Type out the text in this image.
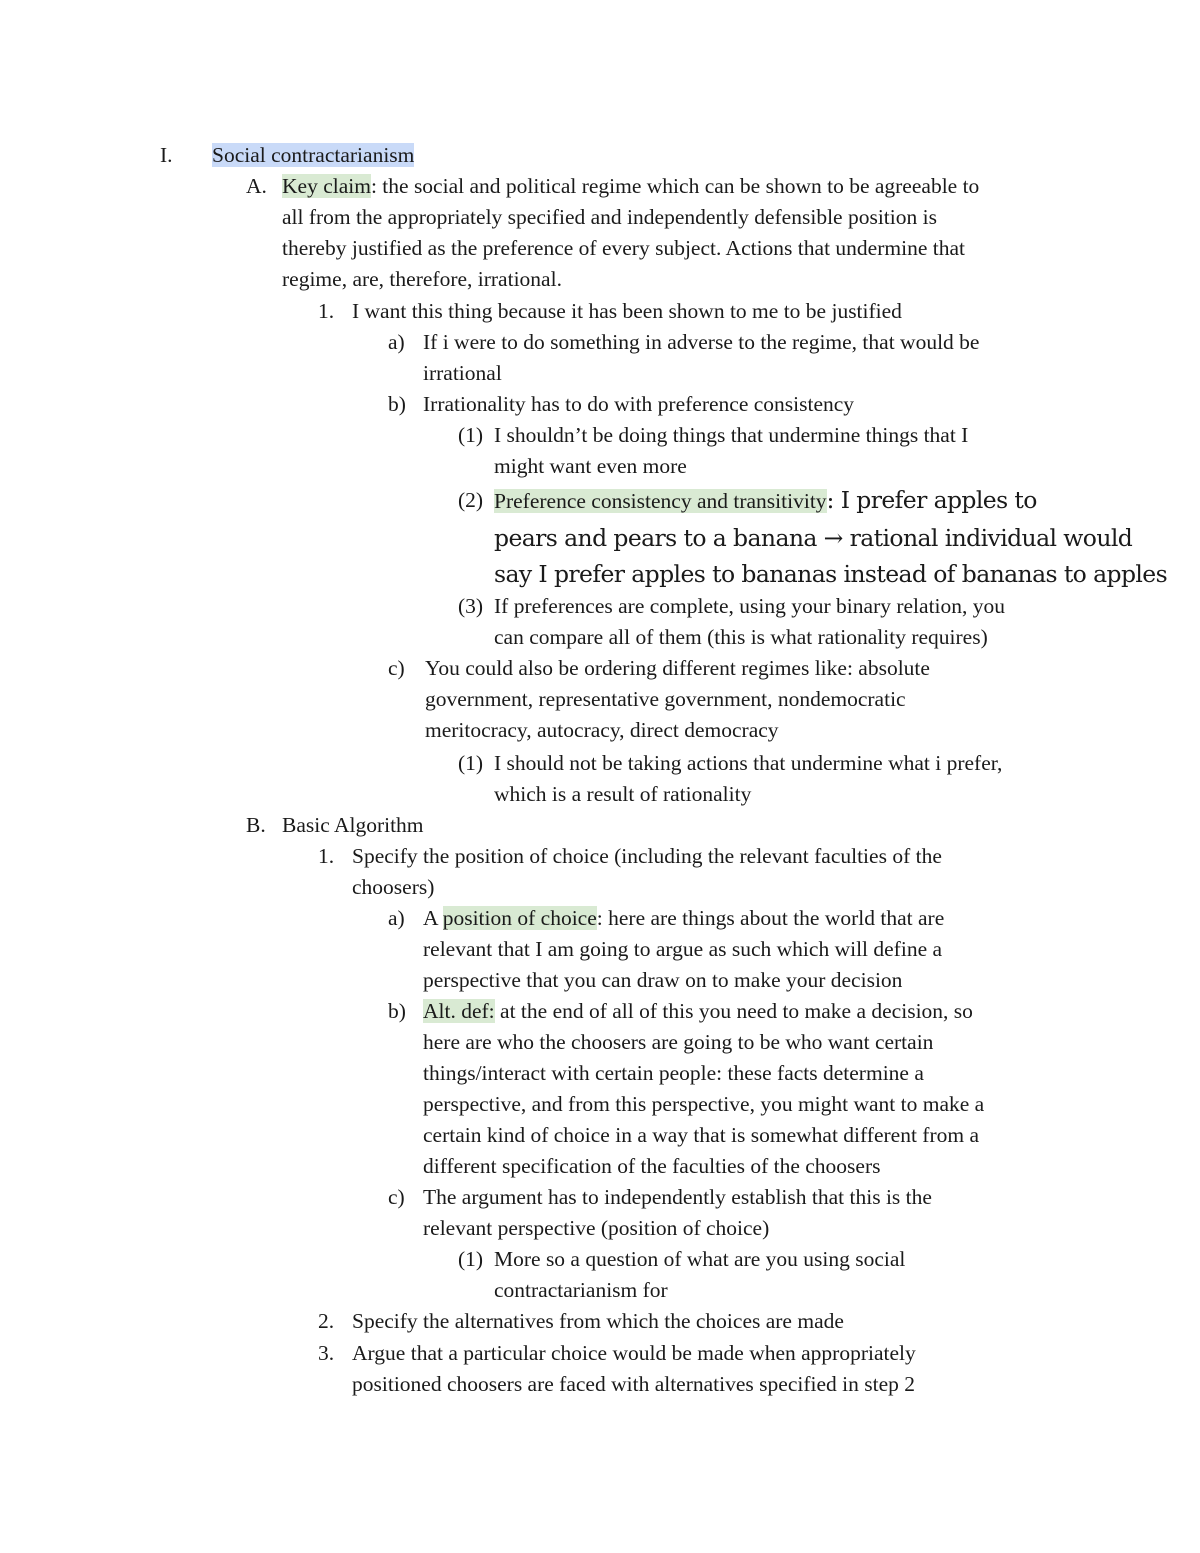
I. Social contractarianism
A. Key claim: the social and political regime which can be shown to be agreeable to
all from the appropriately specified and independently defensible position is
thereby justified as the preference of every subject. Actions that undermine that
regime, are, therefore, irrational.
1. I want this thing because it has been shown to me to be justified
a) If i were to do something in adverse to the regime, that would be
irrational
b) Irrationality has to do with preference consistency
(1) I shouldn’t be doing things that undermine things that I
might want even more
(2) Preference consistency and transitivity: I prefer apples to
pears and pears to a banana → rational individual would
say I prefer apples to bananas instead of bananas to apples
(3) If preferences are complete, using your binary relation, you
can compare all of them (this is what rationality requires)
c) You could also be ordering different regimes like: absolute
government, representative government, nondemocratic
meritocracy, autocracy, direct democracy
(1) I should not be taking actions that undermine what i prefer,
which is a result of rationality
B. Basic Algorithm
1. Specify the position of choice (including the relevant faculties of the
choosers)
a) A position of choice: here are things about the world that are
relevant that I am going to argue as such which will define a
perspective that you can draw on to make your decision
b) Alt. def: at the end of all of this you need to make a decision, so
here are who the choosers are going to be who want certain
things/interact with certain people: these facts determine a
perspective, and from this perspective, you might want to make a
certain kind of choice in a way that is somewhat different from a
different specification of the faculties of the choosers
c) The argument has to independently establish that this is the
relevant perspective (position of choice)
(1) More so a question of what are you using social
contractarianism for
2. Specify the alternatives from which the choices are made
3. Argue that a particular choice would be made when appropriately
positioned choosers are faced with alternatives specified in step 2
